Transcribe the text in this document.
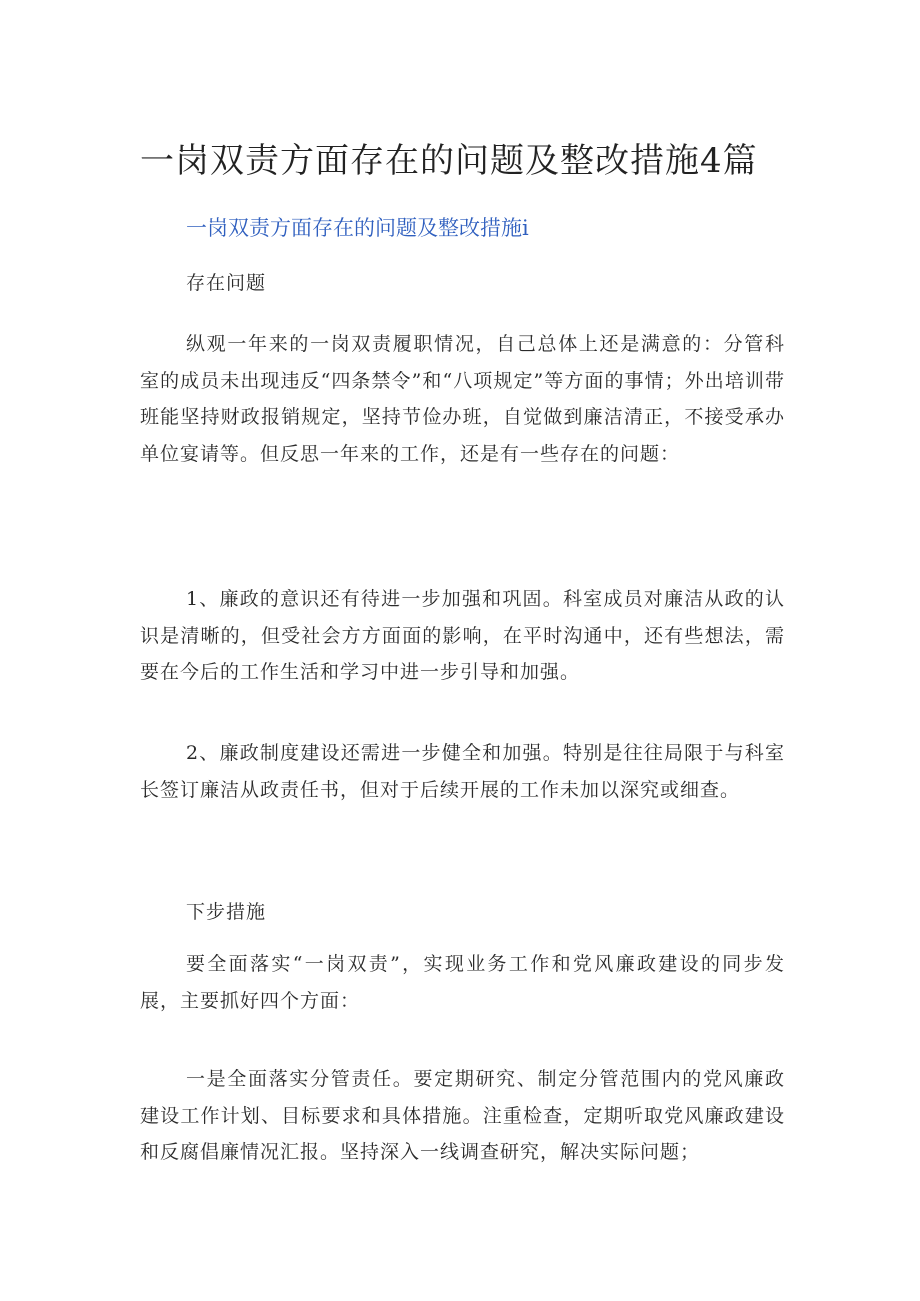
一岗双责方面存在的问题及整改措施4篇
一岗双责方面存在的问题及整改措施i

存在问题

纵观一年来的一岗双责履职情况，自己总体上还是满意的：分管科室的成员未出现违反“四条禁令”和“八项规定”等方面的事情；外出培训带班能坚持财政报销规定，坚持节俭办班，自觉做到廉洁清正，不接受承办单位宴请等。但反思一年来的工作，还是有一些存在的问题：

1、廉政的意识还有待进一步加强和巩固。科室成员对廉洁从政的认识是清晰的，但受社会方方面面的影响，在平时沟通中，还有些想法，需要在今后的工作生活和学习中进一步引导和加强。

2、廉政制度建设还需进一步健全和加强。特别是往往局限于与科室长签订廉洁从政责任书，但对于后续开展的工作未加以深究或细查。

下步措施

要全面落实“一岗双责”，实现业务工作和党风廉政建设的同步发展，主要抓好四个方面：

一是全面落实分管责任。要定期研究、制定分管范围内的党风廉政建设工作计划、目标要求和具体措施。注重检查，定期听取党风廉政建设和反腐倡廉情况汇报。坚持深入一线调查研究，解决实际问题；
